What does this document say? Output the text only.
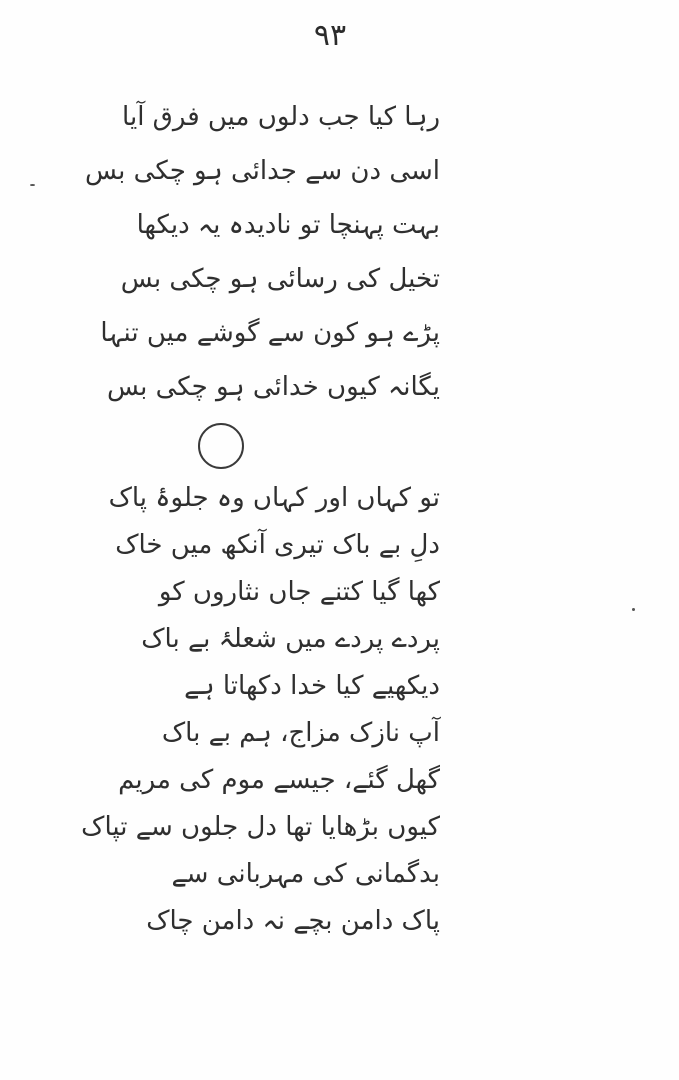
۹۳
رہا کیا جب دلوں میں فرق آیا
اسی دن سے جدائی ہو چکی بس
بہت پہنچا تو نادیدہ یہ دیکھا
تخیل کی رسائی ہو چکی بس
پڑے ہو کون سے گوشے میں تنہا
یگانہ کیوں خدائی ہو چکی بس
تو کہاں اور کہاں وہ جلوۂ پاک
دلِ بے باک تیری آنکھ میں خاک
کھا گیا کتنے جاں نثاروں کو
پردے پردے میں شعلۂ بے باک
دیکھیے کیا خدا دکھاتا ہے
آپ نازک مزاج، ہم بے باک
گھل گئے، جیسے موم کی مریم
کیوں بڑھایا تھا دل جلوں سے تپاک
بدگمانی کی مہربانی سے
پاک دامن بچے نہ دامن چاک
